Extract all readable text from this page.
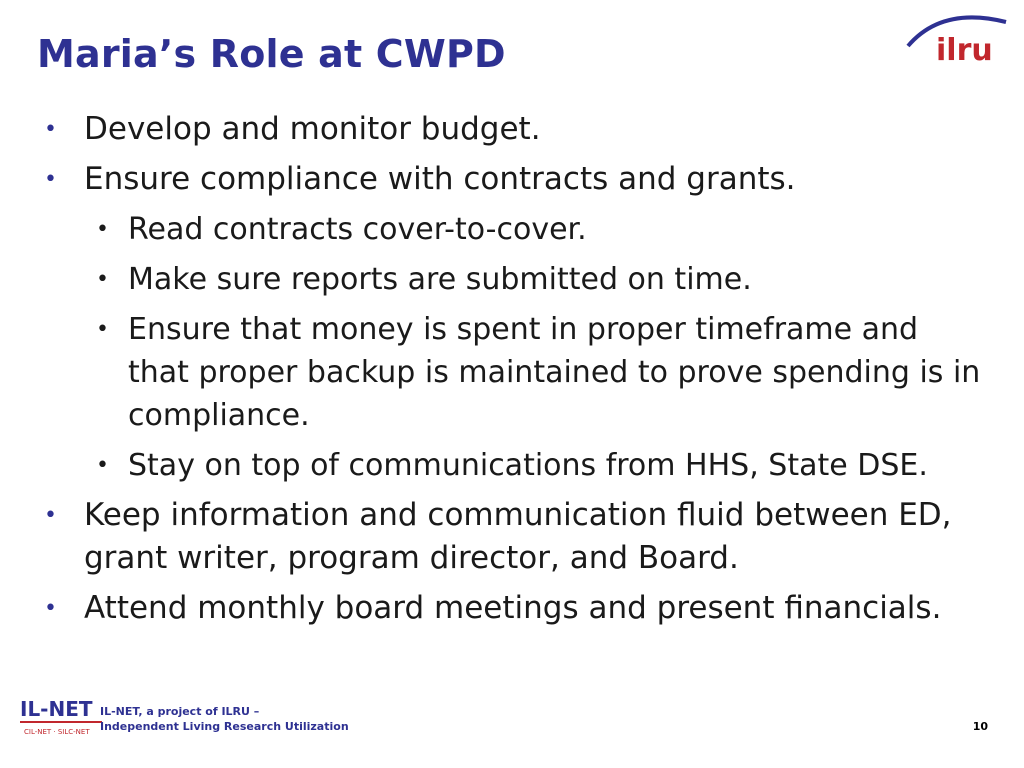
Maria’s Role at CWPD	ilru
• Develop and monitor budget.
• Ensure compliance with contracts and grants.
• Read contracts cover-to-cover.
• Make sure reports are submitted on time.
• Ensure that money is spent in proper timeframe and that proper backup is maintained to prove spending is in compliance.
• Stay on top of communications from HHS, State DSE.
• Keep information and communication fluid between ED, grant writer, program director, and Board.
• Attend monthly board meetings and present financials.
IL-NET
CIL-NET · SILC-NET
IL-NET, a project of ILRU –
Independent Living Research Utilization	10
